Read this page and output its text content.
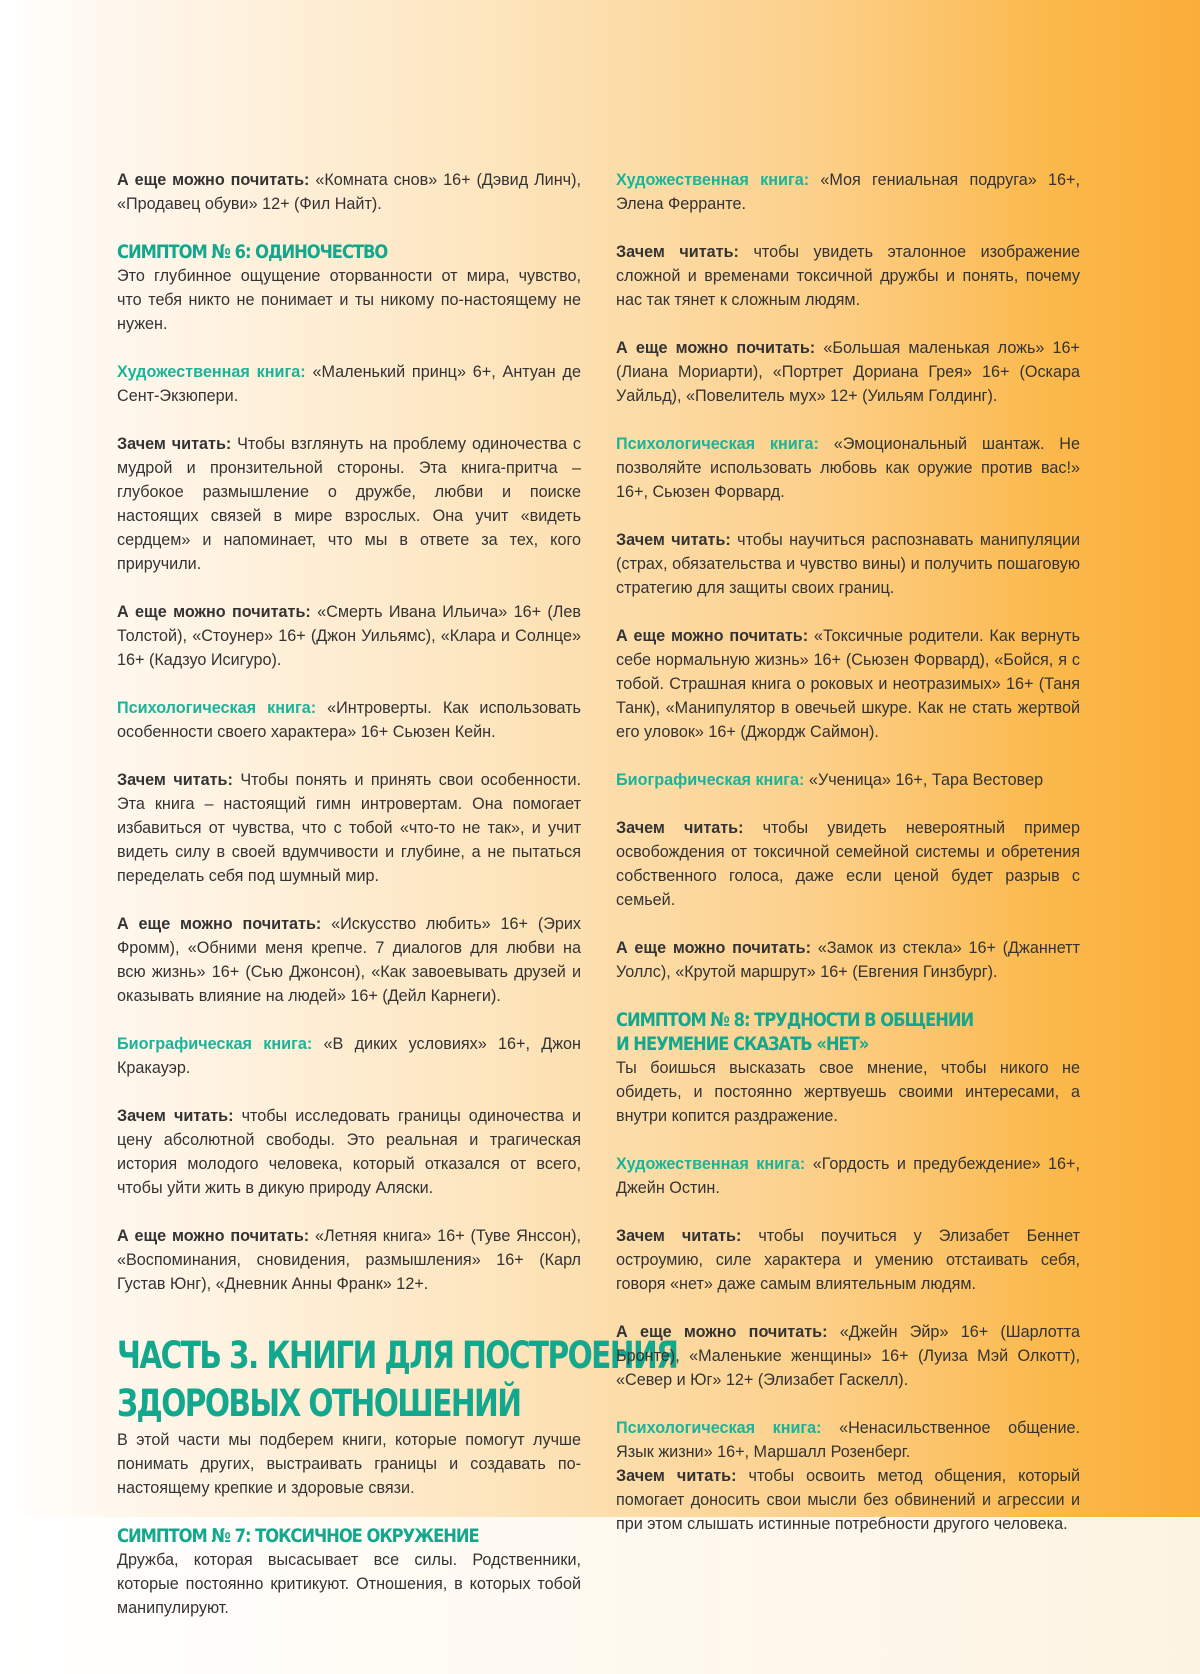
А еще можно почитать: «Комната снов» 16+ (Дэвид Линч), «Продавец обуви» 12+ (Фил Найт).

СИМПТОМ № 6: ОДИНОЧЕСТВО

Это глубинное ощущение оторванности от мира, чувство, что тебя никто не понимает и ты никому по-настоящему не нужен.

Художественная книга: «Маленький принц» 6+, Антуан де Сент-Экзюпери.

Зачем читать: Чтобы взглянуть на проблему одиночества с мудрой и пронзительной стороны. Эта книга-притча – глубокое размышление о дружбе, любви и поиске настоящих связей в мире взрослых. Она учит «видеть сердцем» и напоминает, что мы в ответе за тех, кого приручили.

А еще можно почитать: «Смерть Ивана Ильича» 16+ (Лев Толстой), «Стоунер» 16+ (Джон Уильямс), «Клара и Солнце» 16+ (Кадзуо Исигуро).

Психологическая книга: «Интроверты. Как использовать особенности своего характера» 16+ Сьюзен Кейн.

Зачем читать: Чтобы понять и принять свои особенности. Эта книга – настоящий гимн интровертам. Она помогает избавиться от чувства, что с тобой «что-то не так», и учит видеть силу в своей вдумчивости и глубине, а не пытаться переделать себя под шумный мир.

А еще можно почитать: «Искусство любить» 16+ (Эрих Фромм), «Обними меня крепче. 7 диалогов для любви на всю жизнь» 16+ (Сью Джонсон), «Как завоевывать друзей и оказывать влияние на людей» 16+ (Дейл Карнеги).

Биографическая книга: «В диких условиях» 16+, Джон Кракауэр.

Зачем читать: чтобы исследовать границы одиночества и цену абсолютной свободы. Это реальная и трагическая история молодого человека, который отказался от всего, чтобы уйти жить в дикую природу Аляски.

А еще можно почитать: «Летняя книга» 16+ (Туве Янссон), «Воспоминания, сновидения, размышления» 16+ (Карл Густав Юнг), «Дневник Анны Франк» 12+.

ЧАСТЬ 3. КНИГИ ДЛЯ ПОСТРОЕНИЯ
ЗДОРОВЫХ ОТНОШЕНИЙ

В этой части мы подберем книги, которые помогут лучше понимать других, выстраивать границы и создавать по-настоящему крепкие и здоровые связи.

СИМПТОМ № 7: ТОКСИЧНОЕ ОКРУЖЕНИЕ

Дружба, которая высасывает все силы. Родственники, которые постоянно критикуют. Отношения, в которых тобой манипулируют.

Художественная книга: «Моя гениальная подруга» 16+, Элена Ферранте.

Зачем читать: чтобы увидеть эталонное изображение сложной и временами токсичной дружбы и понять, почему нас так тянет к сложным людям.

А еще можно почитать: «Большая маленькая ложь» 16+ (Лиана Мориарти), «Портрет Дориана Грея» 16+ (Оскара Уайльд), «Повелитель мух» 12+ (Уильям Голдинг).

Психологическая книга: «Эмоциональный шантаж. Не позволяйте использовать любовь как оружие против вас!» 16+, Сьюзен Форвард.

Зачем читать: чтобы научиться распознавать манипуляции (страх, обязательства и чувство вины) и получить пошаговую стратегию для защиты своих границ.

А еще можно почитать: «Токсичные родители. Как вернуть себе нормальную жизнь» 16+ (Сьюзен Форвард), «Бойся, я с тобой. Страшная книга о роковых и неотразимых» 16+ (Таня Танк), «Манипулятор в овечьей шкуре. Как не стать жертвой его уловок» 16+ (Джордж Саймон).

Биографическая книга: «Ученица» 16+, Тара Вестовер

Зачем читать: чтобы увидеть невероятный пример освобождения от токсичной семейной системы и обретения собственного голоса, даже если ценой будет разрыв с семьей.

А еще можно почитать: «Замок из стекла» 16+ (Джаннетт Уоллс), «Крутой маршрут» 16+ (Евгения Гинзбург).

СИМПТОМ № 8: ТРУДНОСТИ В ОБЩЕНИИ
И НЕУМЕНИЕ СКАЗАТЬ «НЕТ»

Ты боишься высказать свое мнение, чтобы никого не обидеть, и постоянно жертвуешь своими интересами, а внутри копится раздражение.

Художественная книга: «Гордость и предубеждение» 16+, Джейн Остин.

Зачем читать: чтобы поучиться у Элизабет Беннет остроумию, силе характера и умению отстаивать себя, говоря «нет» даже самым влиятельным людям.

А еще можно почитать: «Джейн Эйр» 16+ (Шарлотта Бронте), «Маленькие женщины» 16+ (Луиза Мэй Олкотт), «Север и Юг» 12+ (Элизабет Гаскелл).

Психологическая книга: «Ненасильственное общение. Язык жизни» 16+, Маршалл Розенберг.

Зачем читать: чтобы освоить метод общения, который помогает доносить свои мысли без обвинений и агрессии и при этом слышать истинные потребности другого человека.
